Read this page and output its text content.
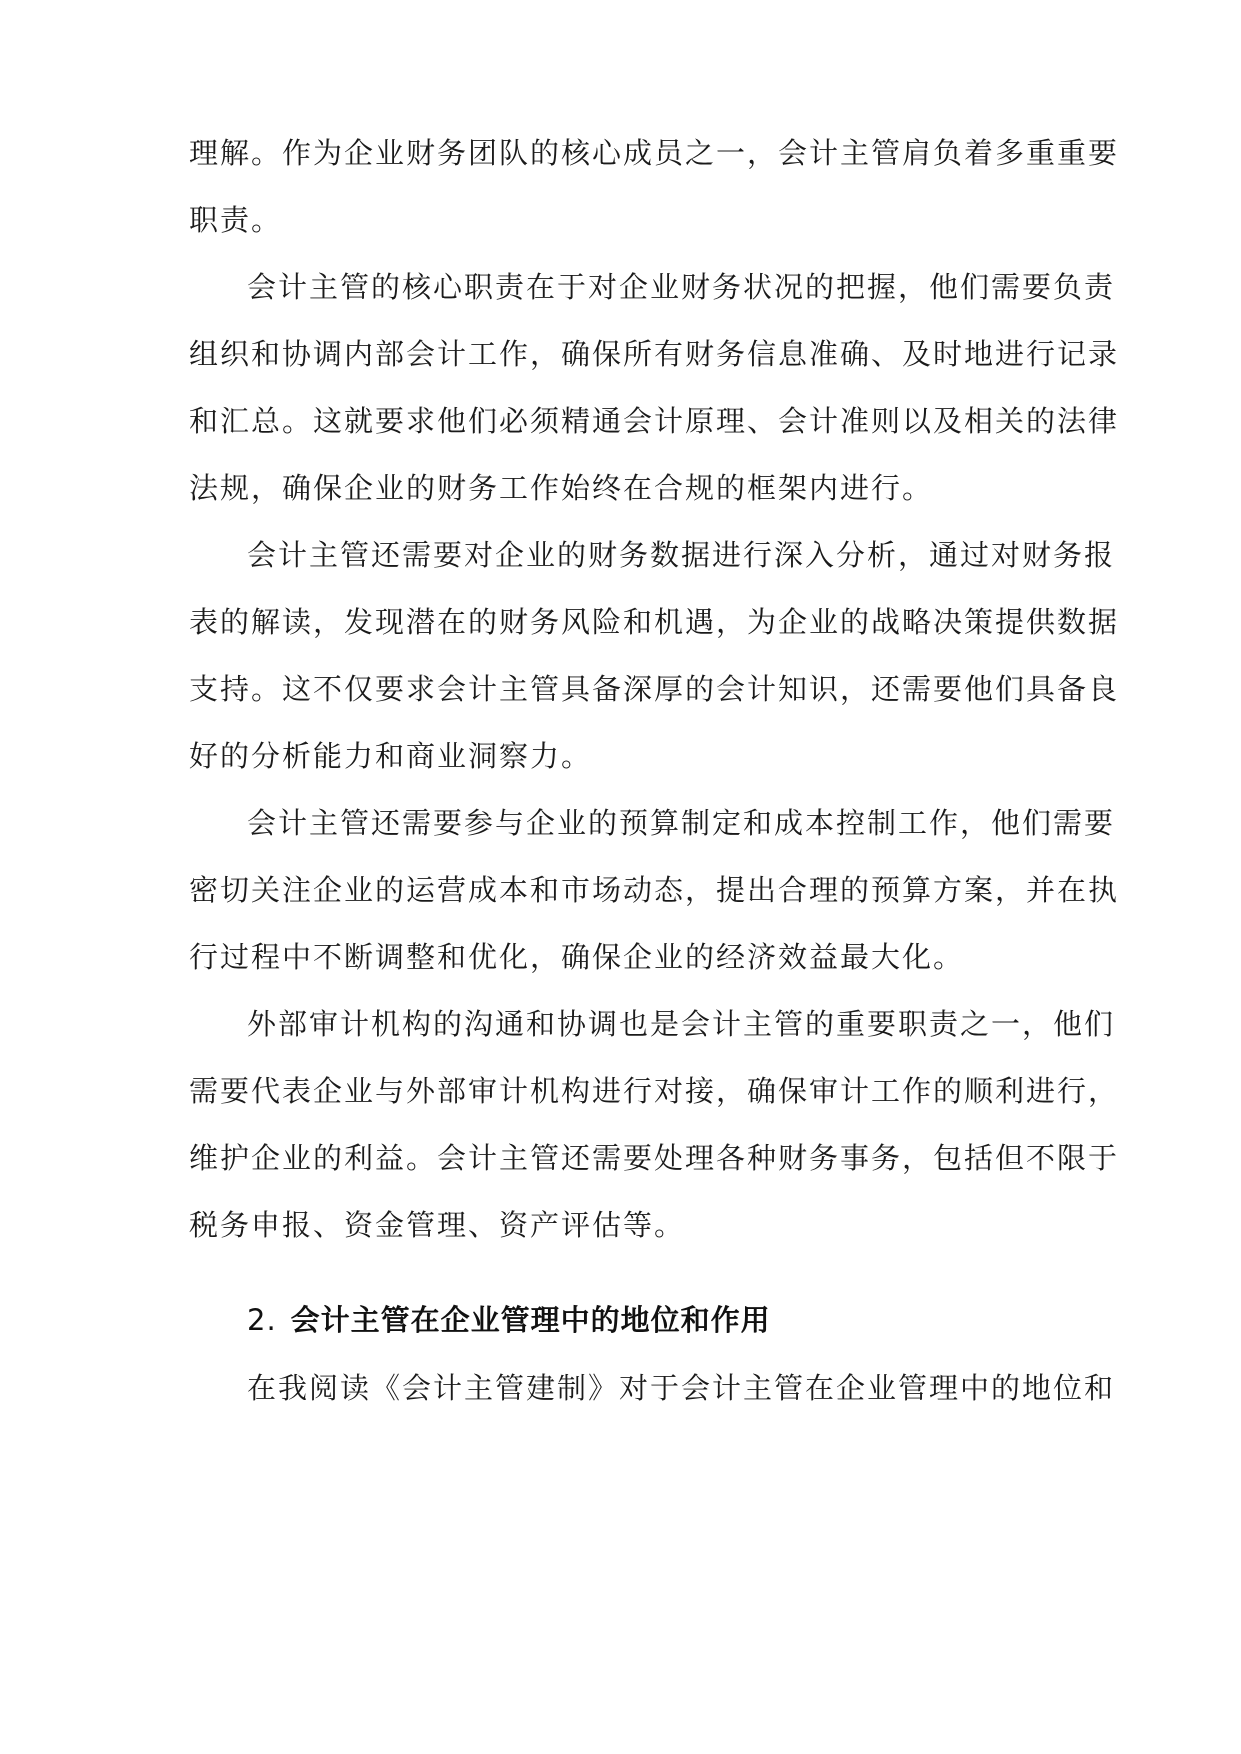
理解。作为企业财务团队的核心成员之一，会计主管肩负着多重重要
职责。
会计主管的核心职责在于对企业财务状况的把握，他们需要负责
组织和协调内部会计工作，确保所有财务信息准确、及时地进行记录
和汇总。这就要求他们必须精通会计原理、会计准则以及相关的法律
法规，确保企业的财务工作始终在合规的框架内进行。
会计主管还需要对企业的财务数据进行深入分析，通过对财务报
表的解读，发现潜在的财务风险和机遇，为企业的战略决策提供数据
支持。这不仅要求会计主管具备深厚的会计知识，还需要他们具备良
好的分析能力和商业洞察力。
会计主管还需要参与企业的预算制定和成本控制工作，他们需要
密切关注企业的运营成本和市场动态，提出合理的预算方案，并在执
行过程中不断调整和优化，确保企业的经济效益最大化。
外部审计机构的沟通和协调也是会计主管的重要职责之一，他们
需要代表企业与外部审计机构进行对接，确保审计工作的顺利进行，
维护企业的利益。会计主管还需要处理各种财务事务，包括但不限于
税务申报、资金管理、资产评估等。
2. 会计主管在企业管理中的地位和作用
在我阅读《会计主管建制》对于会计主管在企业管理中的地位和
